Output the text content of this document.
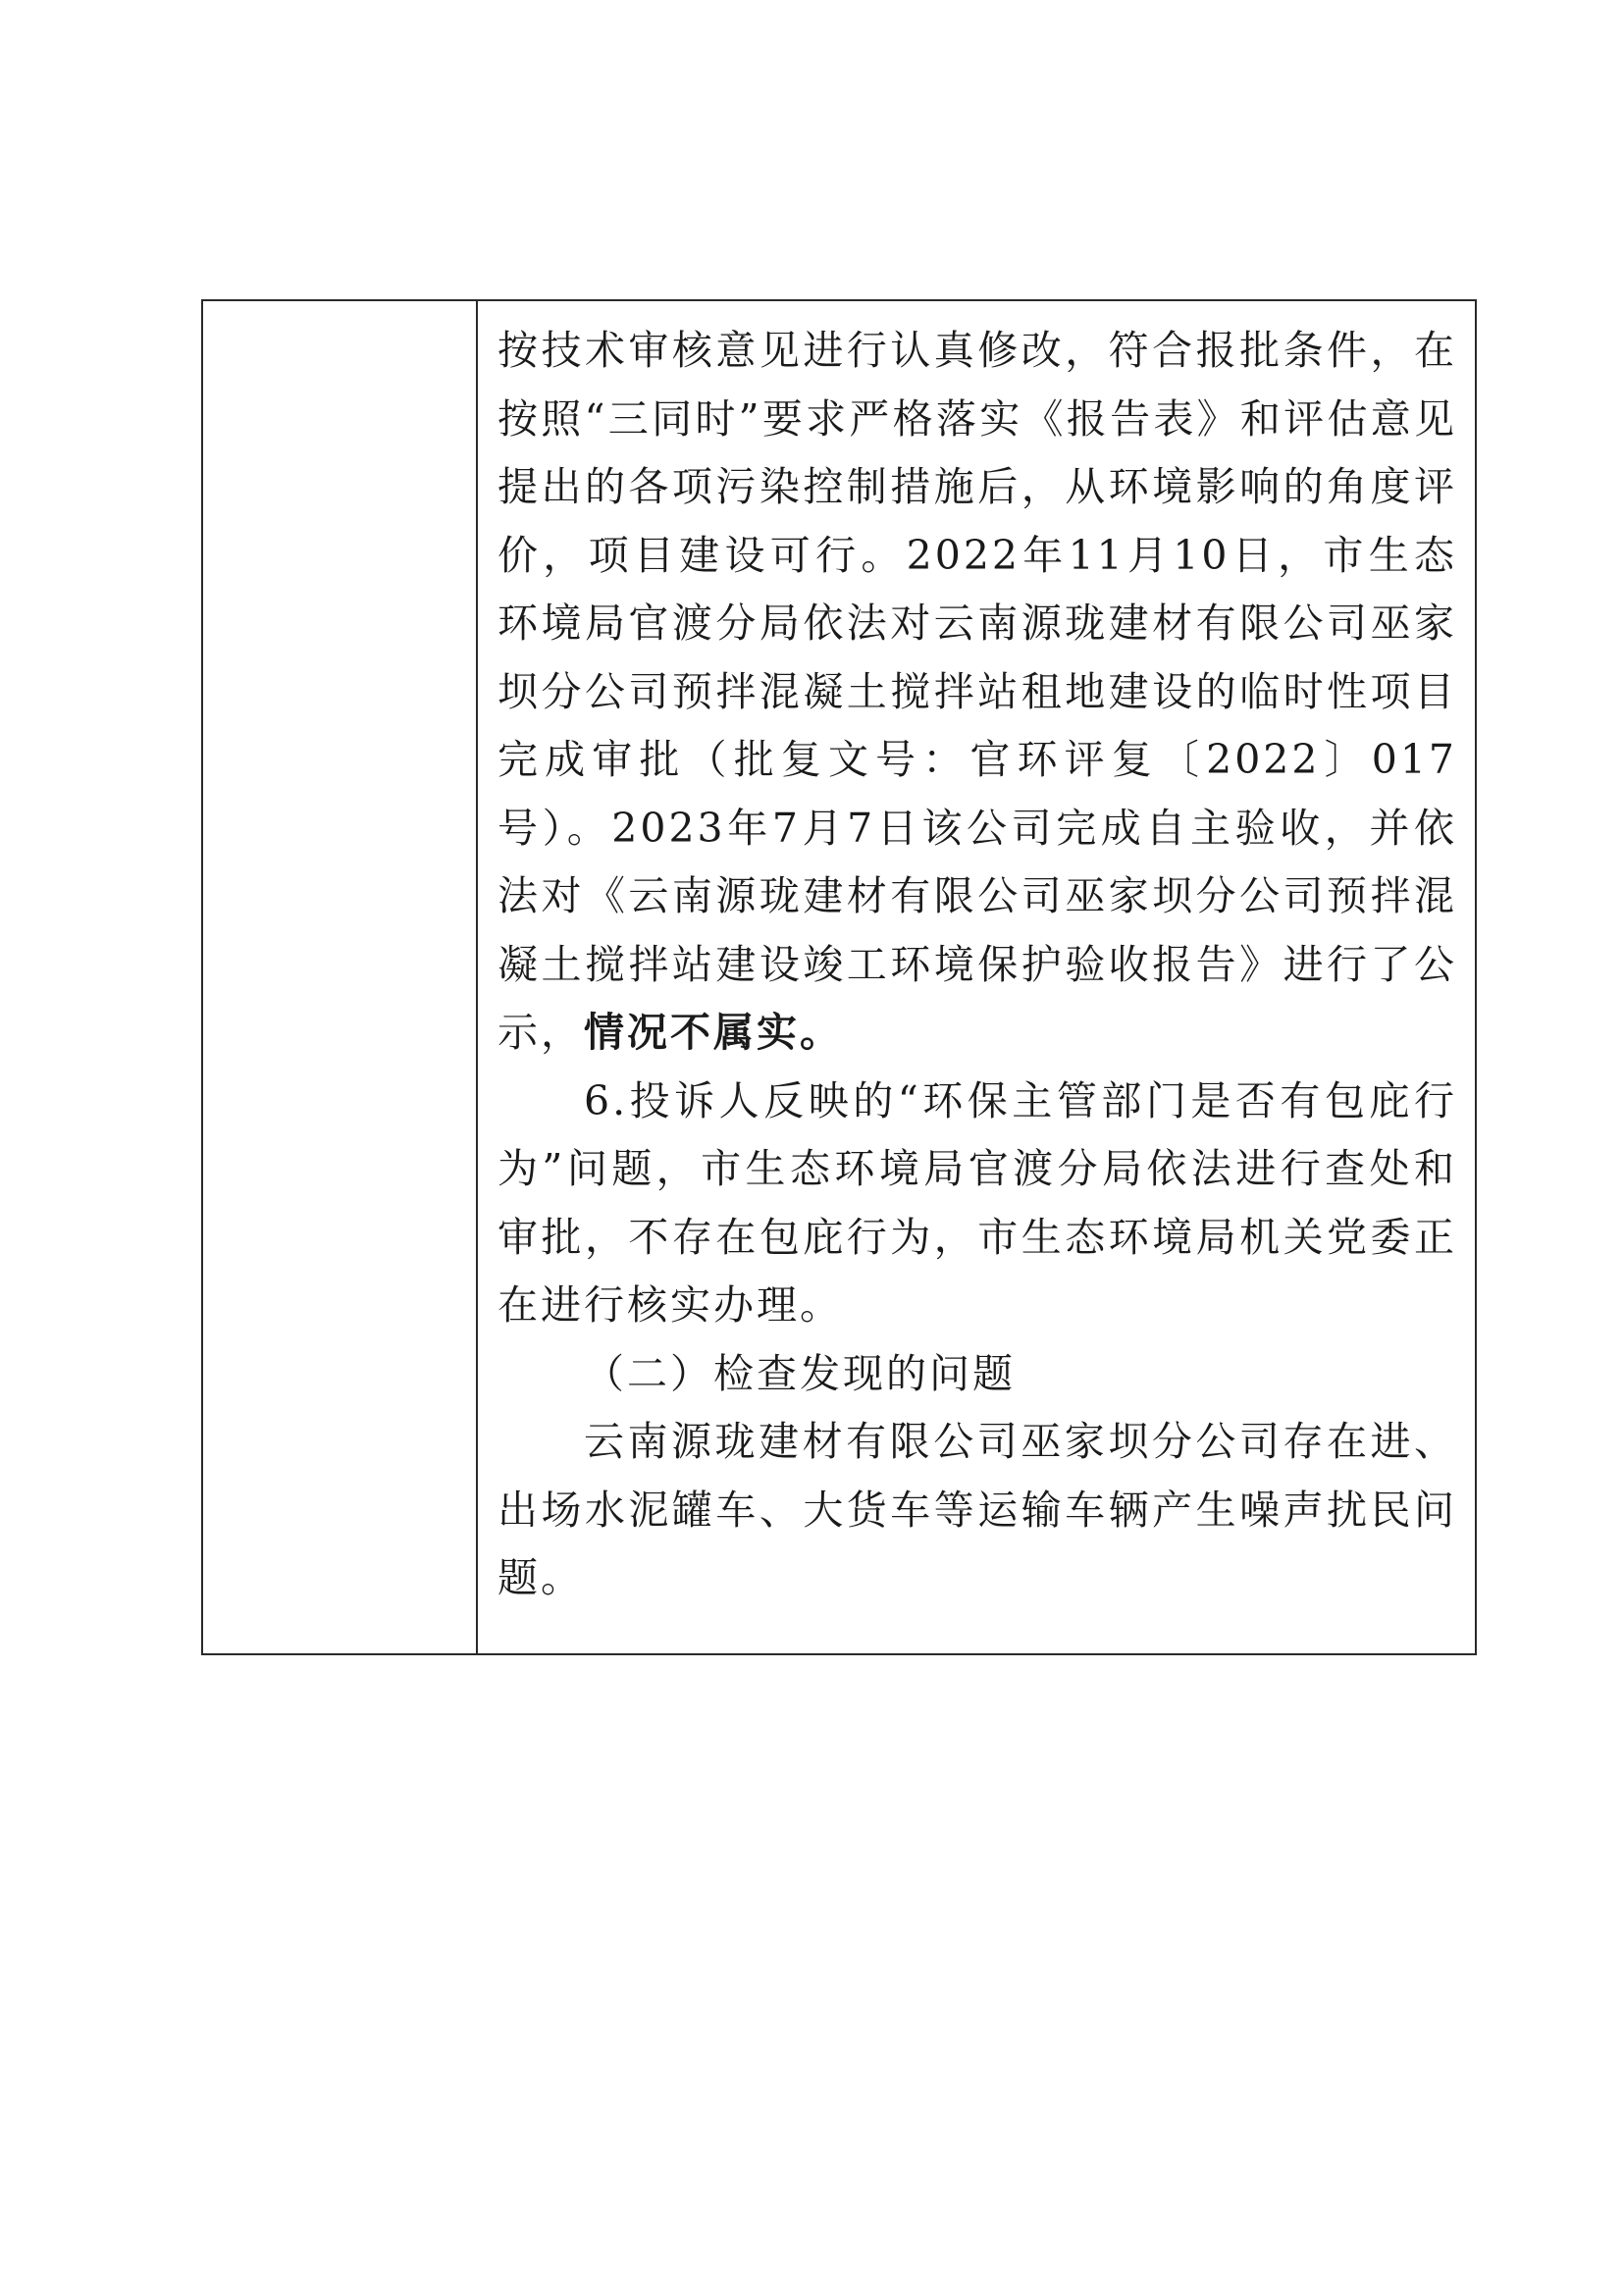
按技术审核意见进行认真修改，符合报批条件，在按照“三同时”要求严格落实《报告表》和评估意见提出的各项污染控制措施后，从环境影响的角度评价，项目建设可行。2022年11月10日，市生态环境局官渡分局依法对云南源珑建材有限公司巫家坝分公司预拌混凝土搅拌站租地建设的临时性项目完成审批（批复文号：官环评复〔2022〕017号）。2023年7月7日该公司完成自主验收，并依法对《云南源珑建材有限公司巫家坝分公司预拌混凝土搅拌站建设竣工环境保护验收报告》进行了公示，情况不属实。

6.投诉人反映的“环保主管部门是否有包庇行为”问题，市生态环境局官渡分局依法进行查处和审批，不存在包庇行为，市生态环境局机关党委正在进行核实办理。

（二）检查发现的问题

云南源珑建材有限公司巫家坝分公司存在进、出场水泥罐车、大货车等运输车辆产生噪声扰民问题。
